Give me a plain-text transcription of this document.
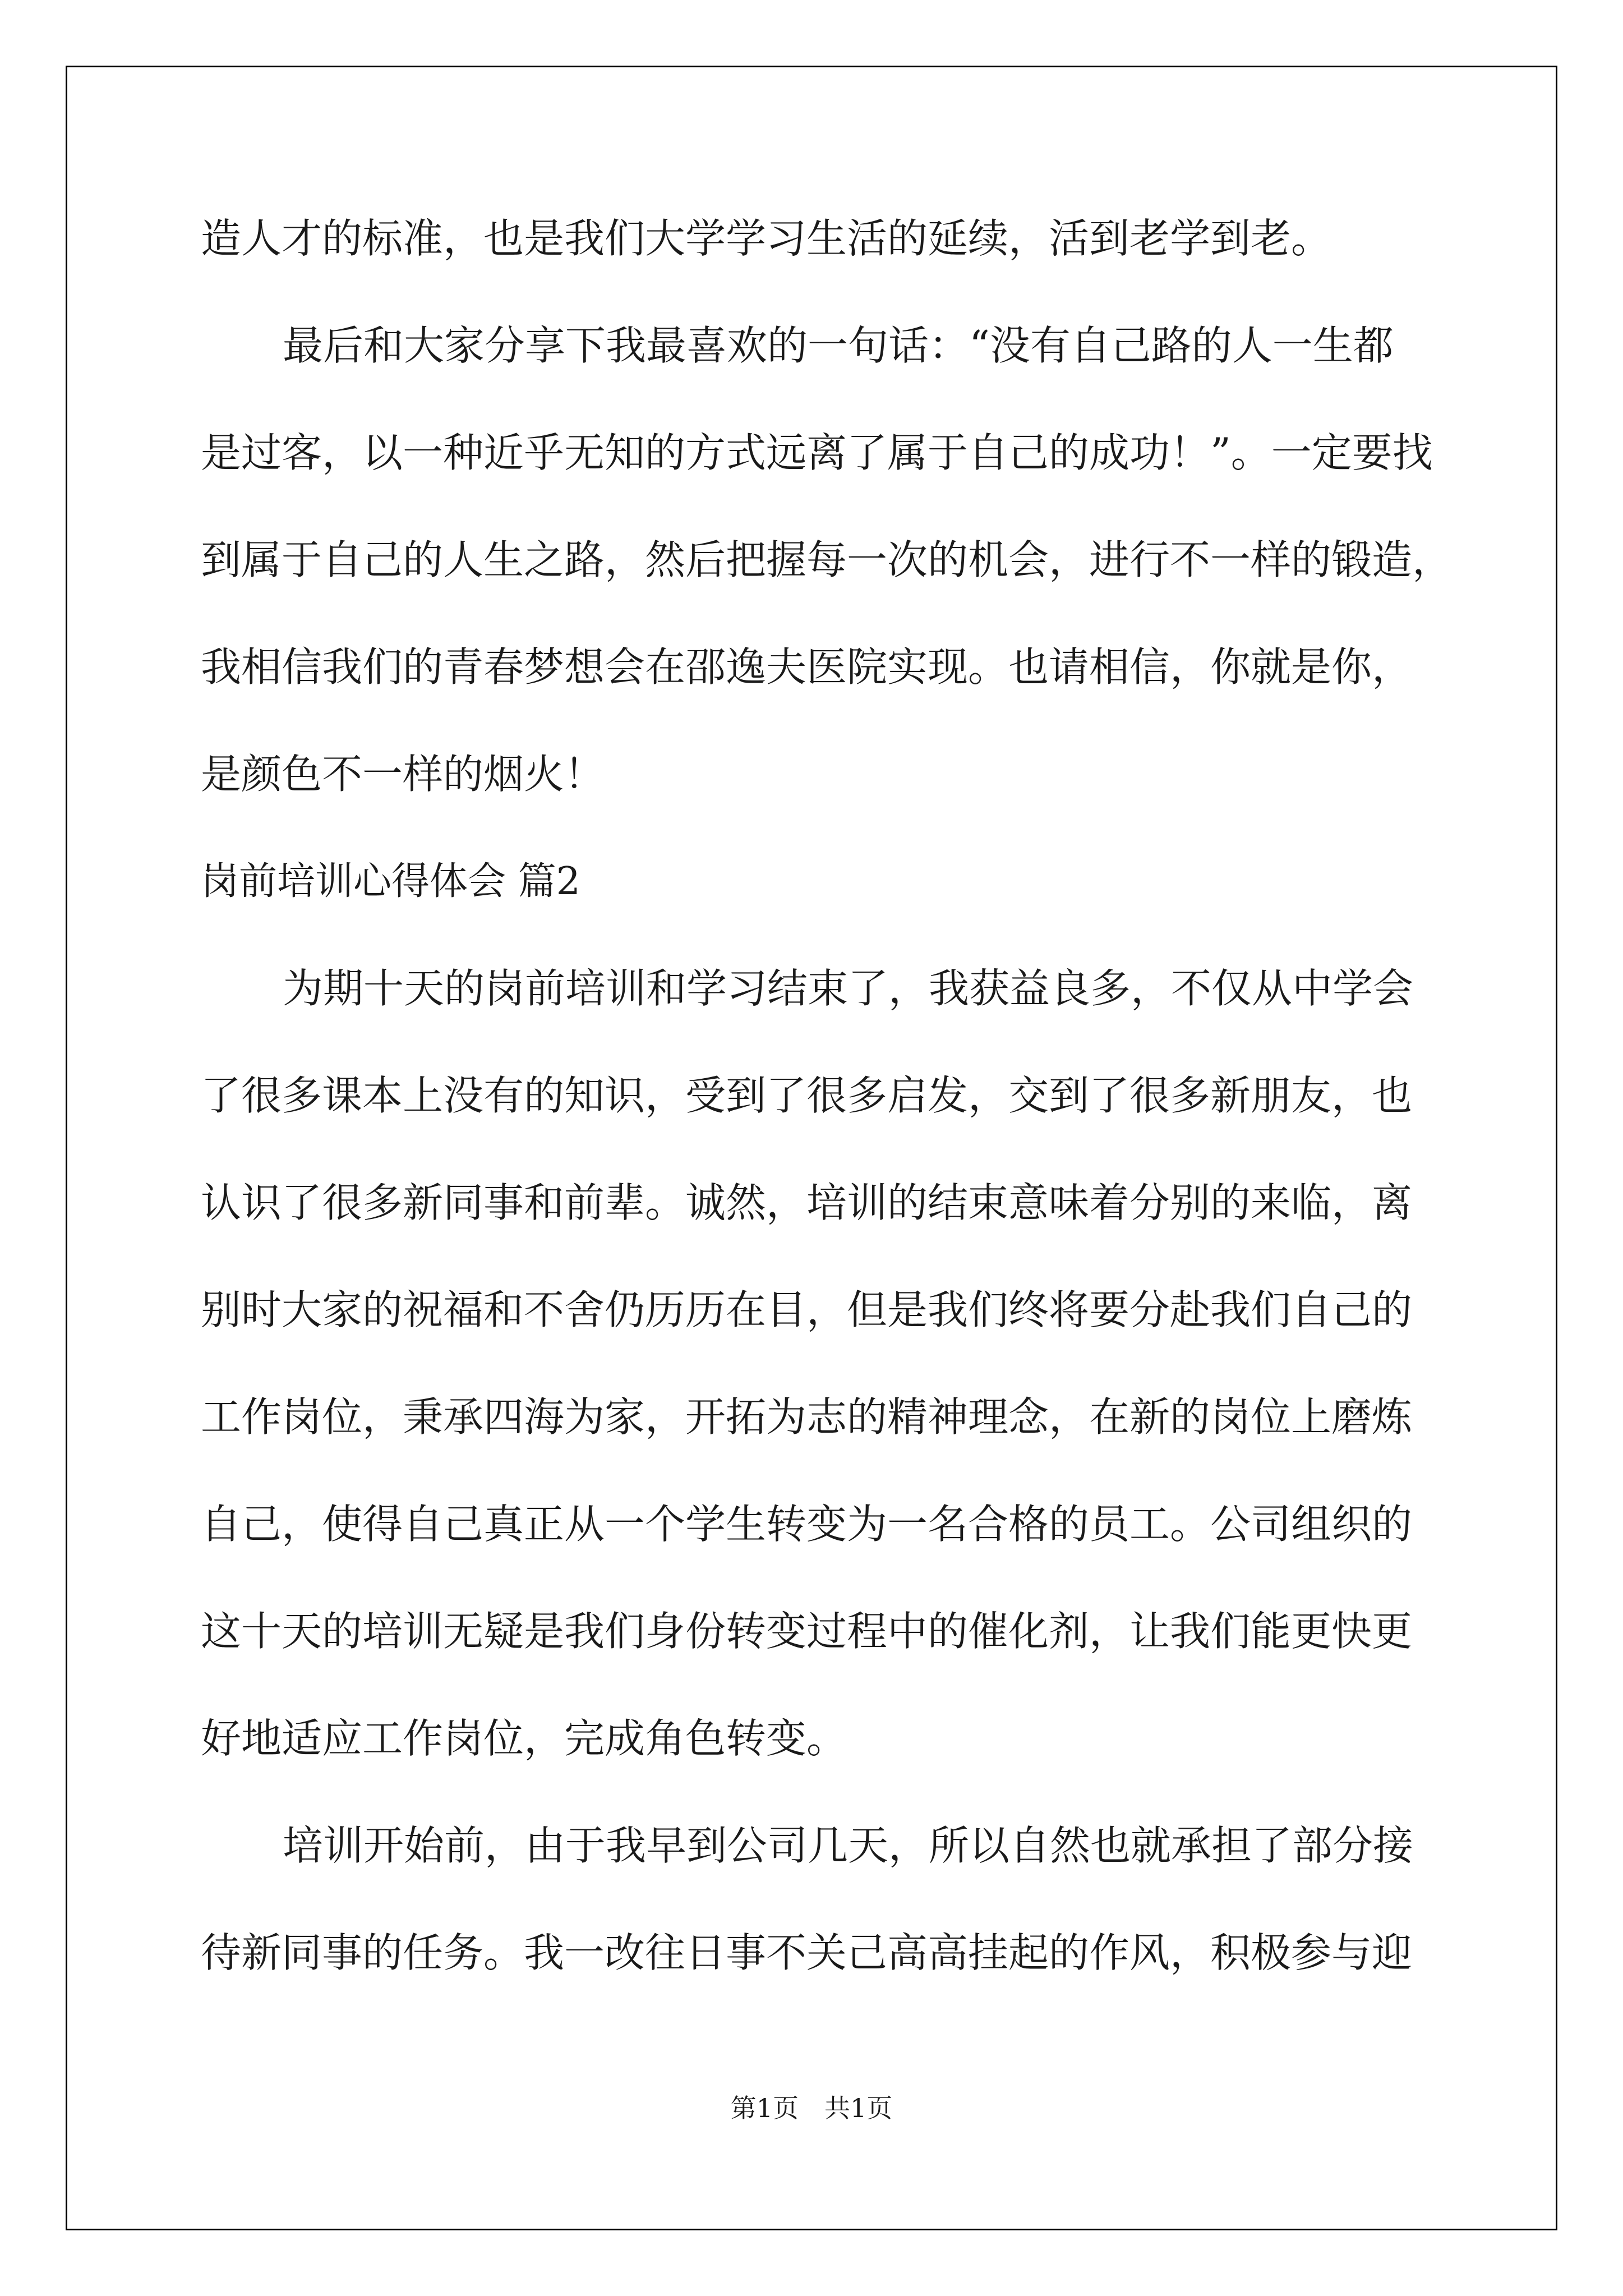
造人才的标准，也是我们大学学习生活的延续，活到老学到老。
最后和大家分享下我最喜欢的一句话：“没有自己路的人一生都
是过客，以一种近乎无知的方式远离了属于自己的成功！”。一定要找
到属于自己的人生之路，然后把握每一次的机会，进行不一样的锻造，
我相信我们的青春梦想会在邵逸夫医院实现。也请相信，你就是你，
是颜色不一样的烟火！
岗前培训心得体会 篇2
为期十天的岗前培训和学习结束了，我获益良多，不仅从中学会
了很多课本上没有的知识，受到了很多启发，交到了很多新朋友，也
认识了很多新同事和前辈。诚然，培训的结束意味着分别的来临，离
别时大家的祝福和不舍仍历历在目，但是我们终将要分赴我们自己的
工作岗位，秉承四海为家，开拓为志的精神理念，在新的岗位上磨炼
自己，使得自己真正从一个学生转变为一名合格的员工。公司组织的
这十天的培训无疑是我们身份转变过程中的催化剂，让我们能更快更
好地适应工作岗位，完成角色转变。
培训开始前，由于我早到公司几天，所以自然也就承担了部分接
待新同事的任务。我一改往日事不关己高高挂起的作风，积极参与迎
第1页　共1页
